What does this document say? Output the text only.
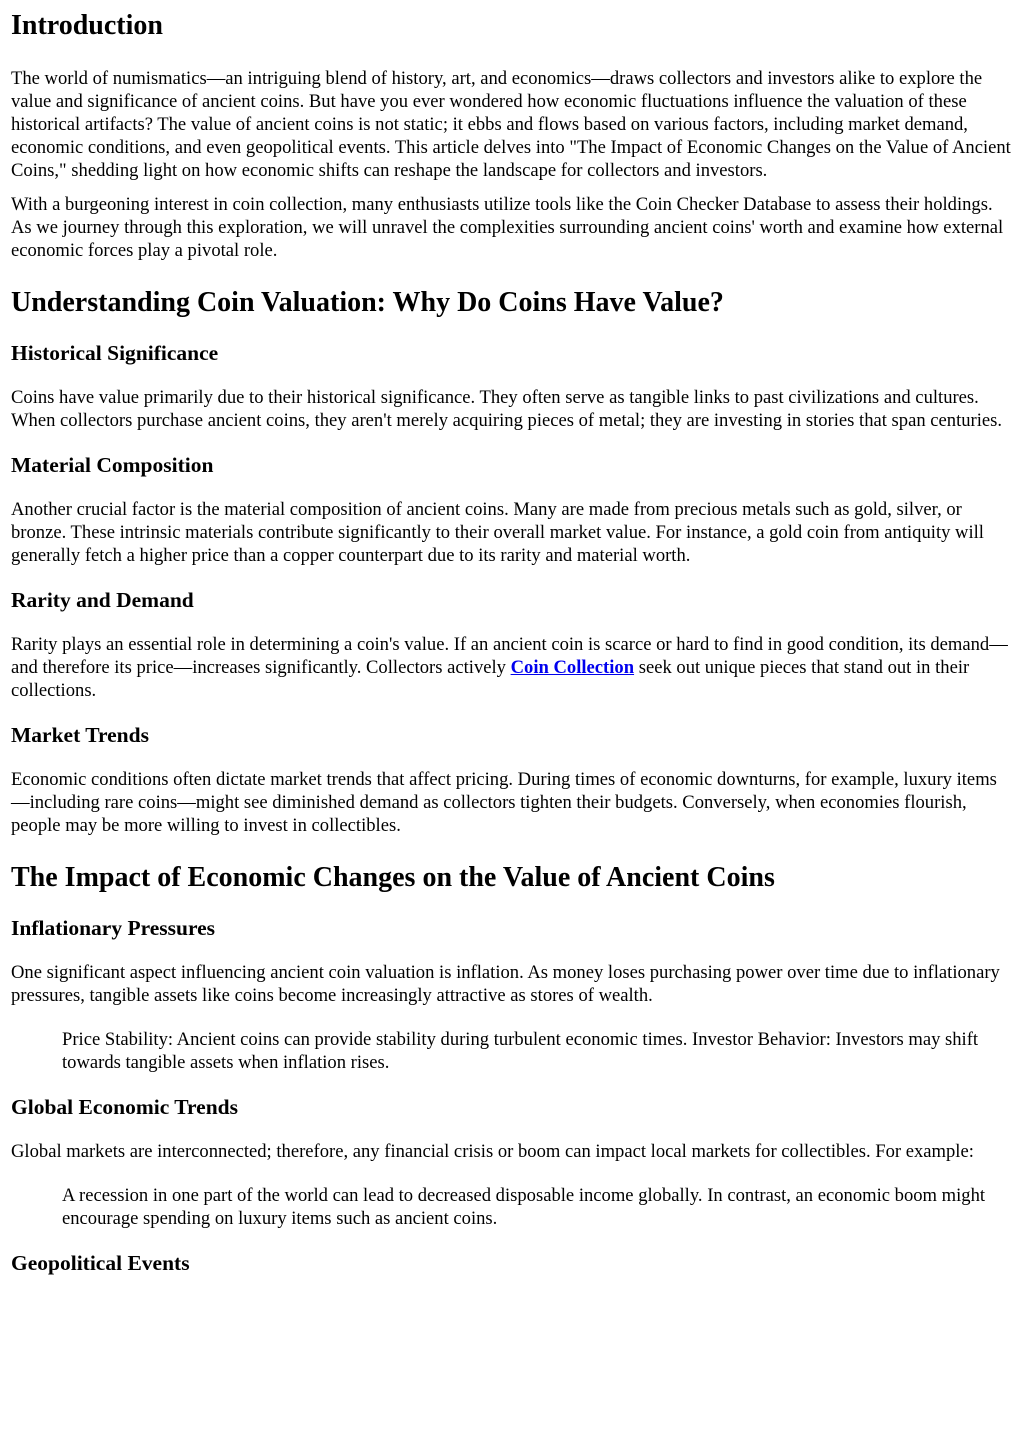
Introduction

The world of numismatics—an intriguing blend of history, art, and economics—draws collectors and investors alike to explore the value and significance of ancient coins. But have you ever wondered how economic fluctuations influence the valuation of these historical artifacts? The value of ancient coins is not static; it ebbs and flows based on various factors, including market demand, economic conditions, and even geopolitical events. This article delves into "The Impact of Economic Changes on the Value of Ancient Coins," shedding light on how economic shifts can reshape the landscape for collectors and investors.

With a burgeoning interest in coin collection, many enthusiasts utilize tools like the Coin Checker Database to assess their holdings. As we journey through this exploration, we will unravel the complexities surrounding ancient coins' worth and examine how external economic forces play a pivotal role.

Understanding Coin Valuation: Why Do Coins Have Value?
Historical Significance

Coins have value primarily due to their historical significance. They often serve as tangible links to past civilizations and cultures. When collectors purchase ancient coins, they aren't merely acquiring pieces of metal; they are investing in stories that span centuries.

Material Composition

Another crucial factor is the material composition of ancient coins. Many are made from precious metals such as gold, silver, or bronze. These intrinsic materials contribute significantly to their overall market value. For instance, a gold coin from antiquity will generally fetch a higher price than a copper counterpart due to its rarity and material worth.

Rarity and Demand

Rarity plays an essential role in determining a coin's value. If an ancient coin is scarce or hard to find in good condition, its demand—and therefore its price—increases significantly. Collectors actively Coin Collection seek out unique pieces that stand out in their collections.

Market Trends

Economic conditions often dictate market trends that affect pricing. During times of economic downturns, for example, luxury items—including rare coins—might see diminished demand as collectors tighten their budgets. Conversely, when economies flourish, people may be more willing to invest in collectibles.

The Impact of Economic Changes on the Value of Ancient Coins
Inflationary Pressures

One significant aspect influencing ancient coin valuation is inflation. As money loses purchasing power over time due to inflationary pressures, tangible assets like coins become increasingly attractive as stores of wealth.

Price Stability: Ancient coins can provide stability during turbulent economic times. Investor Behavior: Investors may shift towards tangible assets when inflation rises.
Global Economic Trends

Global markets are interconnected; therefore, any financial crisis or boom can impact local markets for collectibles. For example:

A recession in one part of the world can lead to decreased disposable income globally. In contrast, an economic boom might encourage spending on luxury items such as ancient coins.
Geopolitical Events
